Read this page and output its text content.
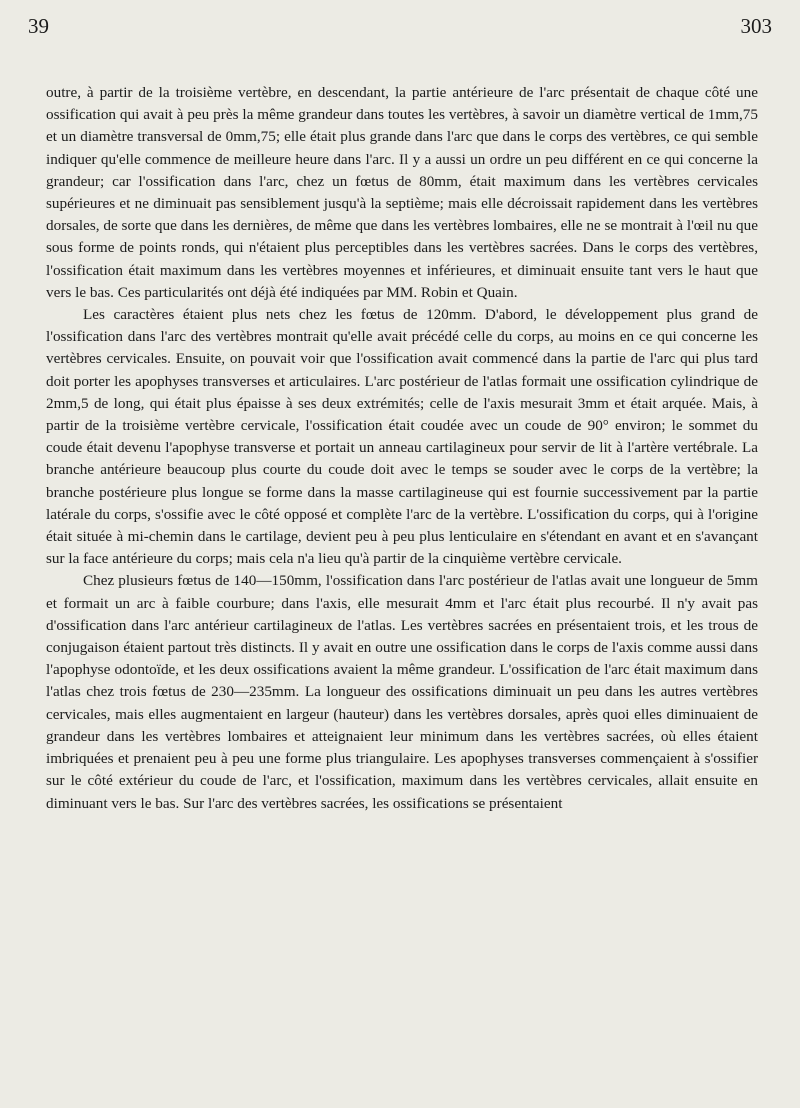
39	303

outre, à partir de la troisième vertèbre, en descendant, la partie antérieure de l'arc présentait de chaque côté une ossification qui avait à peu près la même grandeur dans toutes les vertèbres, à savoir un diamètre vertical de 1mm,75 et un diamètre transversal de 0mm,75; elle était plus grande dans l'arc que dans le corps des vertèbres, ce qui semble indiquer qu'elle commence de meilleure heure dans l'arc. Il y a aussi un ordre un peu différent en ce qui concerne la grandeur; car l'ossification dans l'arc, chez un fœtus de 80mm, était maximum dans les vertèbres cervicales supérieures et ne diminuait pas sensiblement jusqu'à la septième; mais elle décroissait rapidement dans les vertèbres dorsales, de sorte que dans les dernières, de même que dans les vertèbres lombaires, elle ne se montrait à l'œil nu que sous forme de points ronds, qui n'étaient plus perceptibles dans les vertèbres sacrées. Dans le corps des vertèbres, l'ossification était maximum dans les vertèbres moyennes et inférieures, et diminuait ensuite tant vers le haut que vers le bas. Ces particularités ont déjà été indiquées par MM. Robin et Quain.

Les caractères étaient plus nets chez les fœtus de 120mm. D'abord, le développement plus grand de l'ossification dans l'arc des vertèbres montrait qu'elle avait précédé celle du corps, au moins en ce qui concerne les vertèbres cervicales. Ensuite, on pouvait voir que l'ossification avait commencé dans la partie de l'arc qui plus tard doit porter les apophyses transverses et articulaires. L'arc postérieur de l'atlas formait une ossification cylindrique de 2mm,5 de long, qui était plus épaisse à ses deux extrémités; celle de l'axis mesurait 3mm et était arquée. Mais, à partir de la troisième vertèbre cervicale, l'ossification était coudée avec un coude de 90° environ; le sommet du coude était devenu l'apophyse transverse et portait un anneau cartilagineux pour servir de lit à l'artère vertébrale. La branche antérieure beaucoup plus courte du coude doit avec le temps se souder avec le corps de la vertèbre; la branche postérieure plus longue se forme dans la masse cartilagineuse qui est fournie successivement par la partie latérale du corps, s'ossifie avec le côté opposé et complète l'arc de la vertèbre. L'ossification du corps, qui à l'origine était située à mi-chemin dans le cartilage, devient peu à peu plus lenticulaire en s'étendant en avant et en s'avançant sur la face antérieure du corps; mais cela n'a lieu qu'à partir de la cinquième vertèbre cervicale.

Chez plusieurs fœtus de 140—150mm, l'ossification dans l'arc postérieur de l'atlas avait une longueur de 5mm et formait un arc à faible courbure; dans l'axis, elle mesurait 4mm et l'arc était plus recourbé. Il n'y avait pas d'ossification dans l'arc antérieur cartilagineux de l'atlas. Les vertèbres sacrées en présentaient trois, et les trous de conjugaison étaient partout très distincts. Il y avait en outre une ossification dans le corps de l'axis comme aussi dans l'apophyse odontoïde, et les deux ossifications avaient la même grandeur. L'ossification de l'arc était maximum dans l'atlas chez trois fœtus de 230—235mm. La longueur des ossifications diminuait un peu dans les autres vertèbres cervicales, mais elles augmentaient en largeur (hauteur) dans les vertèbres dorsales, après quoi elles diminuaient de grandeur dans les vertèbres lombaires et atteignaient leur minimum dans les vertèbres sacrées, où elles étaient imbriquées et prenaient peu à peu une forme plus triangulaire. Les apophyses transverses commençaient à s'ossifier sur le côté extérieur du coude de l'arc, et l'ossification, maximum dans les vertèbres cervicales, allait ensuite en diminuant vers le bas. Sur l'arc des vertèbres sacrées, les ossifications se présentaient
